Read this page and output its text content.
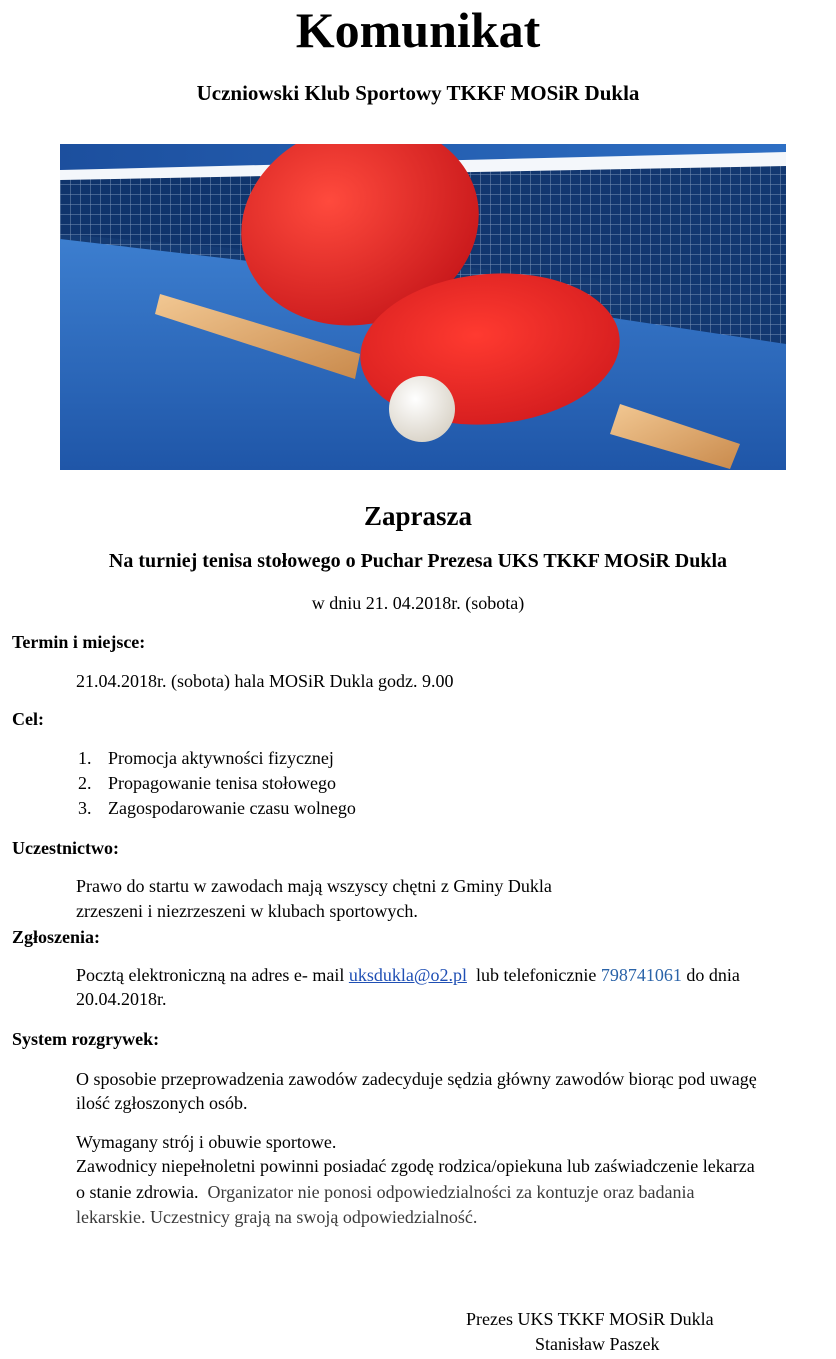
Komunikat
Uczniowski Klub Sportowy TKKF MOSiR Dukla
Zaprasza
Na turniej tenisa stołowego o Puchar Prezesa UKS TKKF MOSiR Dukla
w dniu 21. 04.2018r. (sobota)
Termin i miejsce:
21.04.2018r. (sobota) hala MOSiR Dukla godz. 9.00
Cel:
1. Promocja aktywności fizycznej
2. Propagowanie tenisa stołowego
3. Zagospodarowanie czasu wolnego
Uczestnictwo:
Prawo do startu w zawodach mają wszyscy chętni z Gminy Dukla
zrzeszeni i niezrzeszeni w klubach sportowych.
Zgłoszenia:
Pocztą elektroniczną na adres e- mail uksdukla@o2.pl  lub telefonicznie 798741061 do dnia
20.04.2018r.
System rozgrywek:
O sposobie przeprowadzenia zawodów zadecyduje sędzia główny zawodów biorąc pod uwagę
ilość zgłoszonych osób.
Wymagany strój i obuwie sportowe.
Zawodnicy niepełnoletni powinni posiadać zgodę rodzica/opiekuna lub zaświadczenie lekarza
o stanie zdrowia.  Organizator nie ponosi odpowiedzialności za kontuzje oraz badania
lekarskie. Uczestnicy grają na swoją odpowiedzialność.
Prezes UKS TKKF MOSiR Dukla
Stanisław Paszek
